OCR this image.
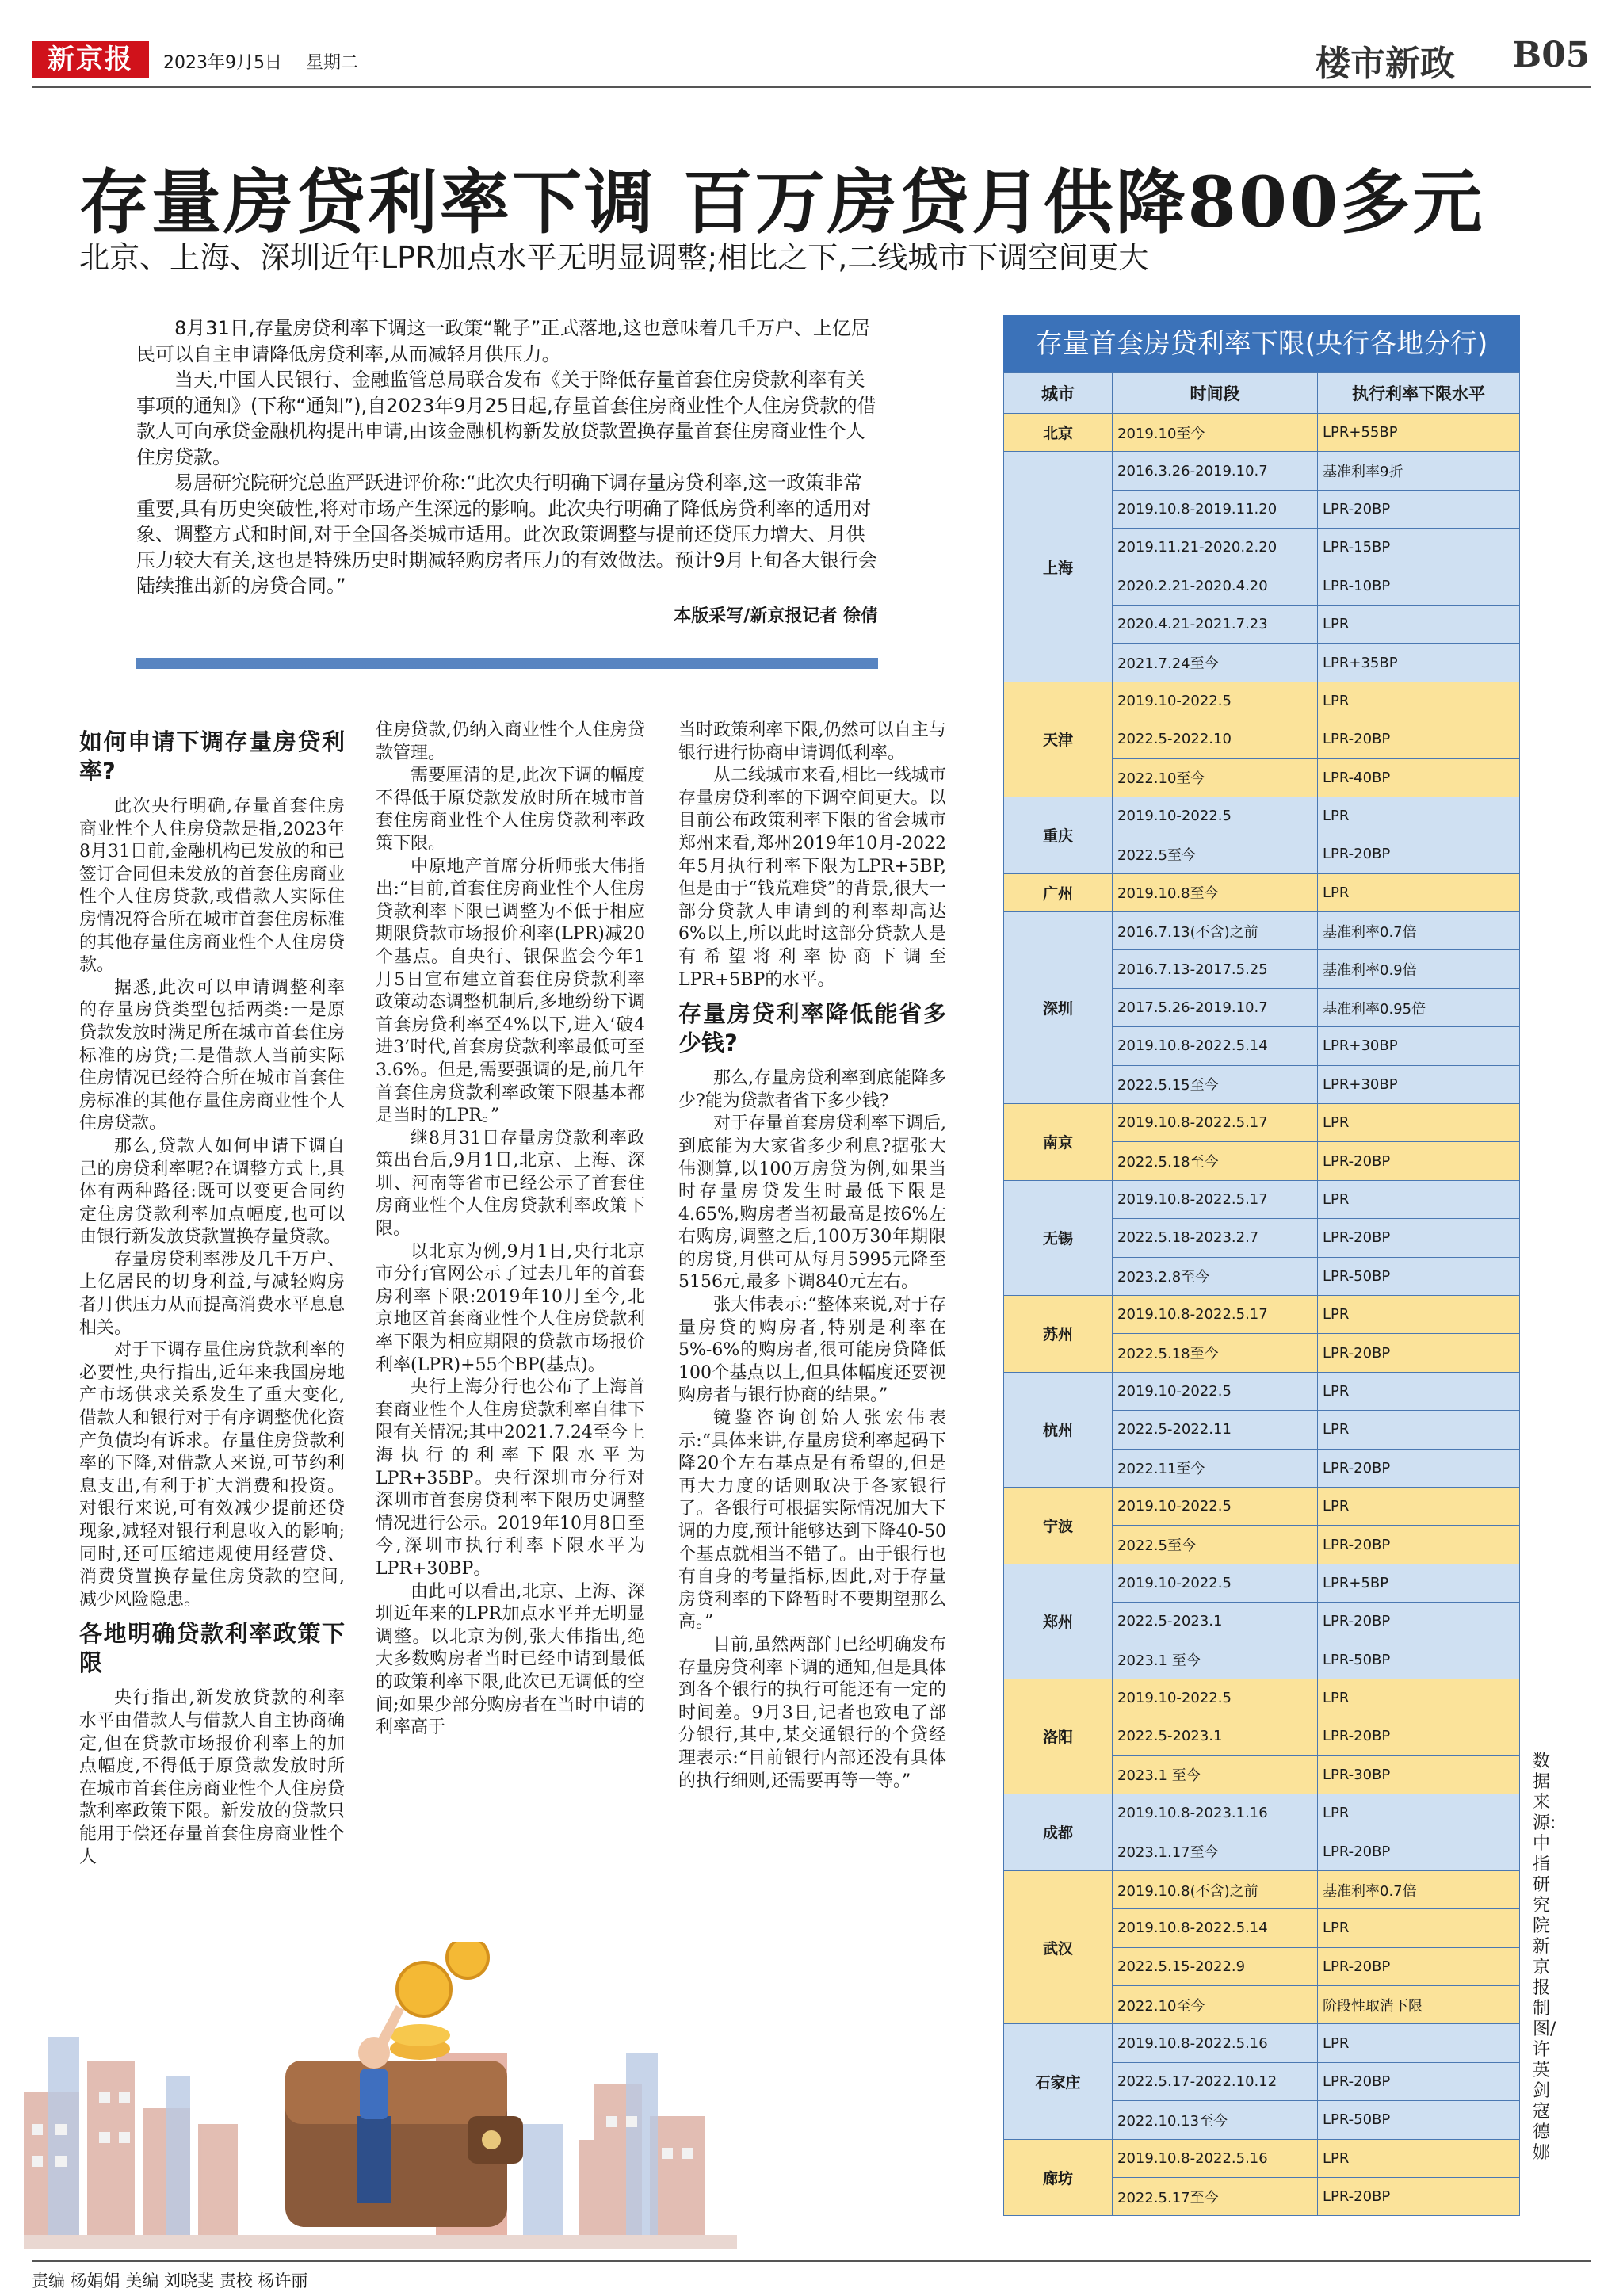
新京报	2023年9月5日 星期二	楼市新政 B05
存量房贷利率下调 百万房贷月供降800多元
北京、上海、深圳近年LPR加点水平无明显调整;相比之下,二线城市下调空间更大

8月31日,存量房贷利率下调这一政策“靴子”正式落地,这也意味着几千万户、上亿居民可以自主申请降低房贷利率,从而减轻月供压力。

当天,中国人民银行、金融监管总局联合发布《关于降低存量首套住房贷款利率有关事项的通知》(下称“通知”),自2023年9月25日起,存量首套住房商业性个人住房贷款的借款人可向承贷金融机构提出申请,由该金融机构新发放贷款置换存量首套住房商业性个人住房贷款。

易居研究院研究总监严跃进评价称:“此次央行明确下调存量房贷利率,这一政策非常重要,具有历史突破性,将对市场产生深远的影响。此次央行明确了降低房贷利率的适用对象、调整方式和时间,对于全国各类城市适用。此次政策调整与提前还贷压力增大、月供压力较大有关,这也是特殊历史时期减轻购房者压力的有效做法。预计9月上旬各大银行会陆续推出新的房贷合同。”

本版采写/新京报记者 徐倩
如何申请下调存量房贷利率?

此次央行明确,存量首套住房商业性个人住房贷款是指,2023年8月31日前,金融机构已发放的和已签订合同但未发放的首套住房商业性个人住房贷款,或借款人实际住房情况符合所在城市首套住房标准的其他存量住房商业性个人住房贷款。

据悉,此次可以申请调整利率的存量房贷类型包括两类:一是原贷款发放时满足所在城市首套住房标准的房贷;二是借款人当前实际住房情况已经符合所在城市首套住房标准的其他存量住房商业性个人住房贷款。

那么,贷款人如何申请下调自己的房贷利率呢?在调整方式上,具体有两种路径:既可以变更合同约定住房贷款利率加点幅度,也可以由银行新发放贷款置换存量贷款。

存量房贷利率涉及几千万户、上亿居民的切身利益,与减轻购房者月供压力从而提高消费水平息息相关。

对于下调存量住房贷款利率的必要性,央行指出,近年来我国房地产市场供求关系发生了重大变化,借款人和银行对于有序调整优化资产负债均有诉求。存量住房贷款利率的下降,对借款人来说,可节约利息支出,有利于扩大消费和投资。对银行来说,可有效减少提前还贷现象,减轻对银行利息收入的影响;同时,还可压缩违规使用经营贷、消费贷置换存量住房贷款的空间,减少风险隐患。

各地明确贷款利率政策下限

央行指出,新发放贷款的利率水平由借款人与借款人自主协商确定,但在贷款市场报价利率上的加点幅度,不得低于原贷款发放时所在城市首套住房商业性个人住房贷款利率政策下限。新发放的贷款只能用于偿还存量首套住房商业性个人

住房贷款,仍纳入商业性个人住房贷款管理。

需要厘清的是,此次下调的幅度不得低于原贷款发放时所在城市首套住房商业性个人住房贷款利率政策下限。

中原地产首席分析师张大伟指出:“目前,首套住房商业性个人住房贷款利率下限已调整为不低于相应期限贷款市场报价利率(LPR)减20个基点。自央行、银保监会今年1月5日宣布建立首套住房贷款利率政策动态调整机制后,多地纷纷下调首套房贷利率至4%以下,进入‘破4进3’时代,首套房贷款利率最低可至3.6%。但是,需要强调的是,前几年首套住房贷款利率政策下限基本都是当时的LPR。”

继8月31日存量房贷款利率政策出台后,9月1日,北京、上海、深圳、河南等省市已经公示了首套住房商业性个人住房贷款利率政策下限。

以北京为例,9月1日,央行北京市分行官网公示了过去几年的首套房利率下限:2019年10月至今,北京地区首套商业性个人住房贷款利率下限为相应期限的贷款市场报价利率(LPR)+55个BP(基点)。

央行上海分行也公布了上海首套商业性个人住房贷款利率自律下限有关情况;其中2021.7.24至今上海执行的利率下限水平为LPR+35BP。央行深圳市分行对深圳市首套房贷利率下限历史调整情况进行公示。2019年10月8日至今,深圳市执行利率下限水平为LPR+30BP。

由此可以看出,北京、上海、深圳近年来的LPR加点水平并无明显调整。以北京为例,张大伟指出,绝大多数购房者当时已经申请到最低的政策利率下限,此次已无调低的空间;如果少部分购房者在当时申请的利率高于

当时政策利率下限,仍然可以自主与银行进行协商申请调低利率。

从二线城市来看,相比一线城市存量房贷利率的下调空间更大。以目前公布政策利率下限的省会城市郑州来看,郑州2019年10月-2022年5月执行利率下限为LPR+5BP,但是由于“钱荒难贷”的背景,很大一部分贷款人申请到的利率却高达6%以上,所以此时这部分贷款人是有希望将利率协商下调至LPR+5BP的水平。

存量房贷利率降低能省多少钱?

那么,存量房贷利率到底能降多少?能为贷款者省下多少钱?

对于存量首套房贷利率下调后,到底能为大家省多少利息?据张大伟测算,以100万房贷为例,如果当时存量房贷发生时最低下限是4.65%,购房者当初最高是按6%左右购房,调整之后,100万30年期限的房贷,月供可从每月5995元降至5156元,最多下调840元左右。

张大伟表示:“整体来说,对于存量房贷的购房者,特别是利率在5%-6%的购房者,很可能房贷降低100个基点以上,但具体幅度还要视购房者与银行协商的结果。”

镜鉴咨询创始人张宏伟表示:“具体来讲,存量房贷利率起码下降20个左右基点是有希望的,但是再大力度的话则取决于各家银行了。各银行可根据实际情况加大下调的力度,预计能够达到下降40-50个基点就相当不错了。由于银行也有自身的考量指标,因此,对于存量房贷利率的下降暂时不要期望那么高。”

目前,虽然两部门已经明确发布存量房贷利率下调的通知,但是具体到各个银行的执行可能还有一定的时间差。9月3日,记者也致电了部分银行,其中,某交通银行的个贷经理表示:“目前银行内部还没有具体的执行细则,还需要再等一等。”

存量首套房贷利率下限(央行各地分行)
城市	时间段	执行利率下限水平
北京	2019.10至今	LPR+55BP
上海	2016.3.26-2019.10.7	基准利率9折
	2019.10.8-2019.11.20	LPR-20BP
	2019.11.21-2020.2.20	LPR-15BP
	2020.2.21-2020.4.20	LPR-10BP
	2020.4.21-2021.7.23	LPR
	2021.7.24至今	LPR+35BP
天津	2019.10-2022.5	LPR
	2022.5-2022.10	LPR-20BP
	2022.10至今	LPR-40BP
重庆	2019.10-2022.5	LPR
	2022.5至今	LPR-20BP
广州	2019.10.8至今	LPR
深圳	2016.7.13(不含)之前	基准利率0.7倍
	2016.7.13-2017.5.25	基准利率0.9倍
	2017.5.26-2019.10.7	基准利率0.95倍
	2019.10.8-2022.5.14	LPR+30BP
	2022.5.15至今	LPR+30BP
南京	2019.10.8-2022.5.17	LPR
	2022.5.18至今	LPR-20BP
无锡	2019.10.8-2022.5.17	LPR
	2022.5.18-2023.2.7	LPR-20BP
	2023.2.8至今	LPR-50BP
苏州	2019.10.8-2022.5.17	LPR
	2022.5.18至今	LPR-20BP
杭州	2019.10-2022.5	LPR
	2022.5-2022.11	LPR
	2022.11至今	LPR-20BP
宁波	2019.10-2022.5	LPR
	2022.5至今	LPR-20BP
郑州	2019.10-2022.5	LPR+5BP
	2022.5-2023.1	LPR-20BP
	2023.1 至今	LPR-50BP
洛阳	2019.10-2022.5	LPR
	2022.5-2023.1	LPR-20BP
	2023.1 至今	LPR-30BP
成都	2019.10.8-2023.1.16	LPR
	2023.1.17至今	LPR-20BP
武汉	2019.10.8(不含)之前	基准利率0.7倍
	2019.10.8-2022.5.14	LPR
	2022.5.15-2022.9	LPR-20BP
	2022.10至今	阶段性取消下限
石家庄	2019.10.8-2022.5.16	LPR
	2022.5.17-2022.10.12	LPR-20BP
	2022.10.13至今	LPR-50BP
廊坊	2019.10.8-2022.5.16	LPR
	2022.5.17至今	LPR-20BP
数据来源:中指研究院 新京报制图/许英剑 寇德娜
责编 杨娟娟 美编 刘晓斐 责校 杨许丽
